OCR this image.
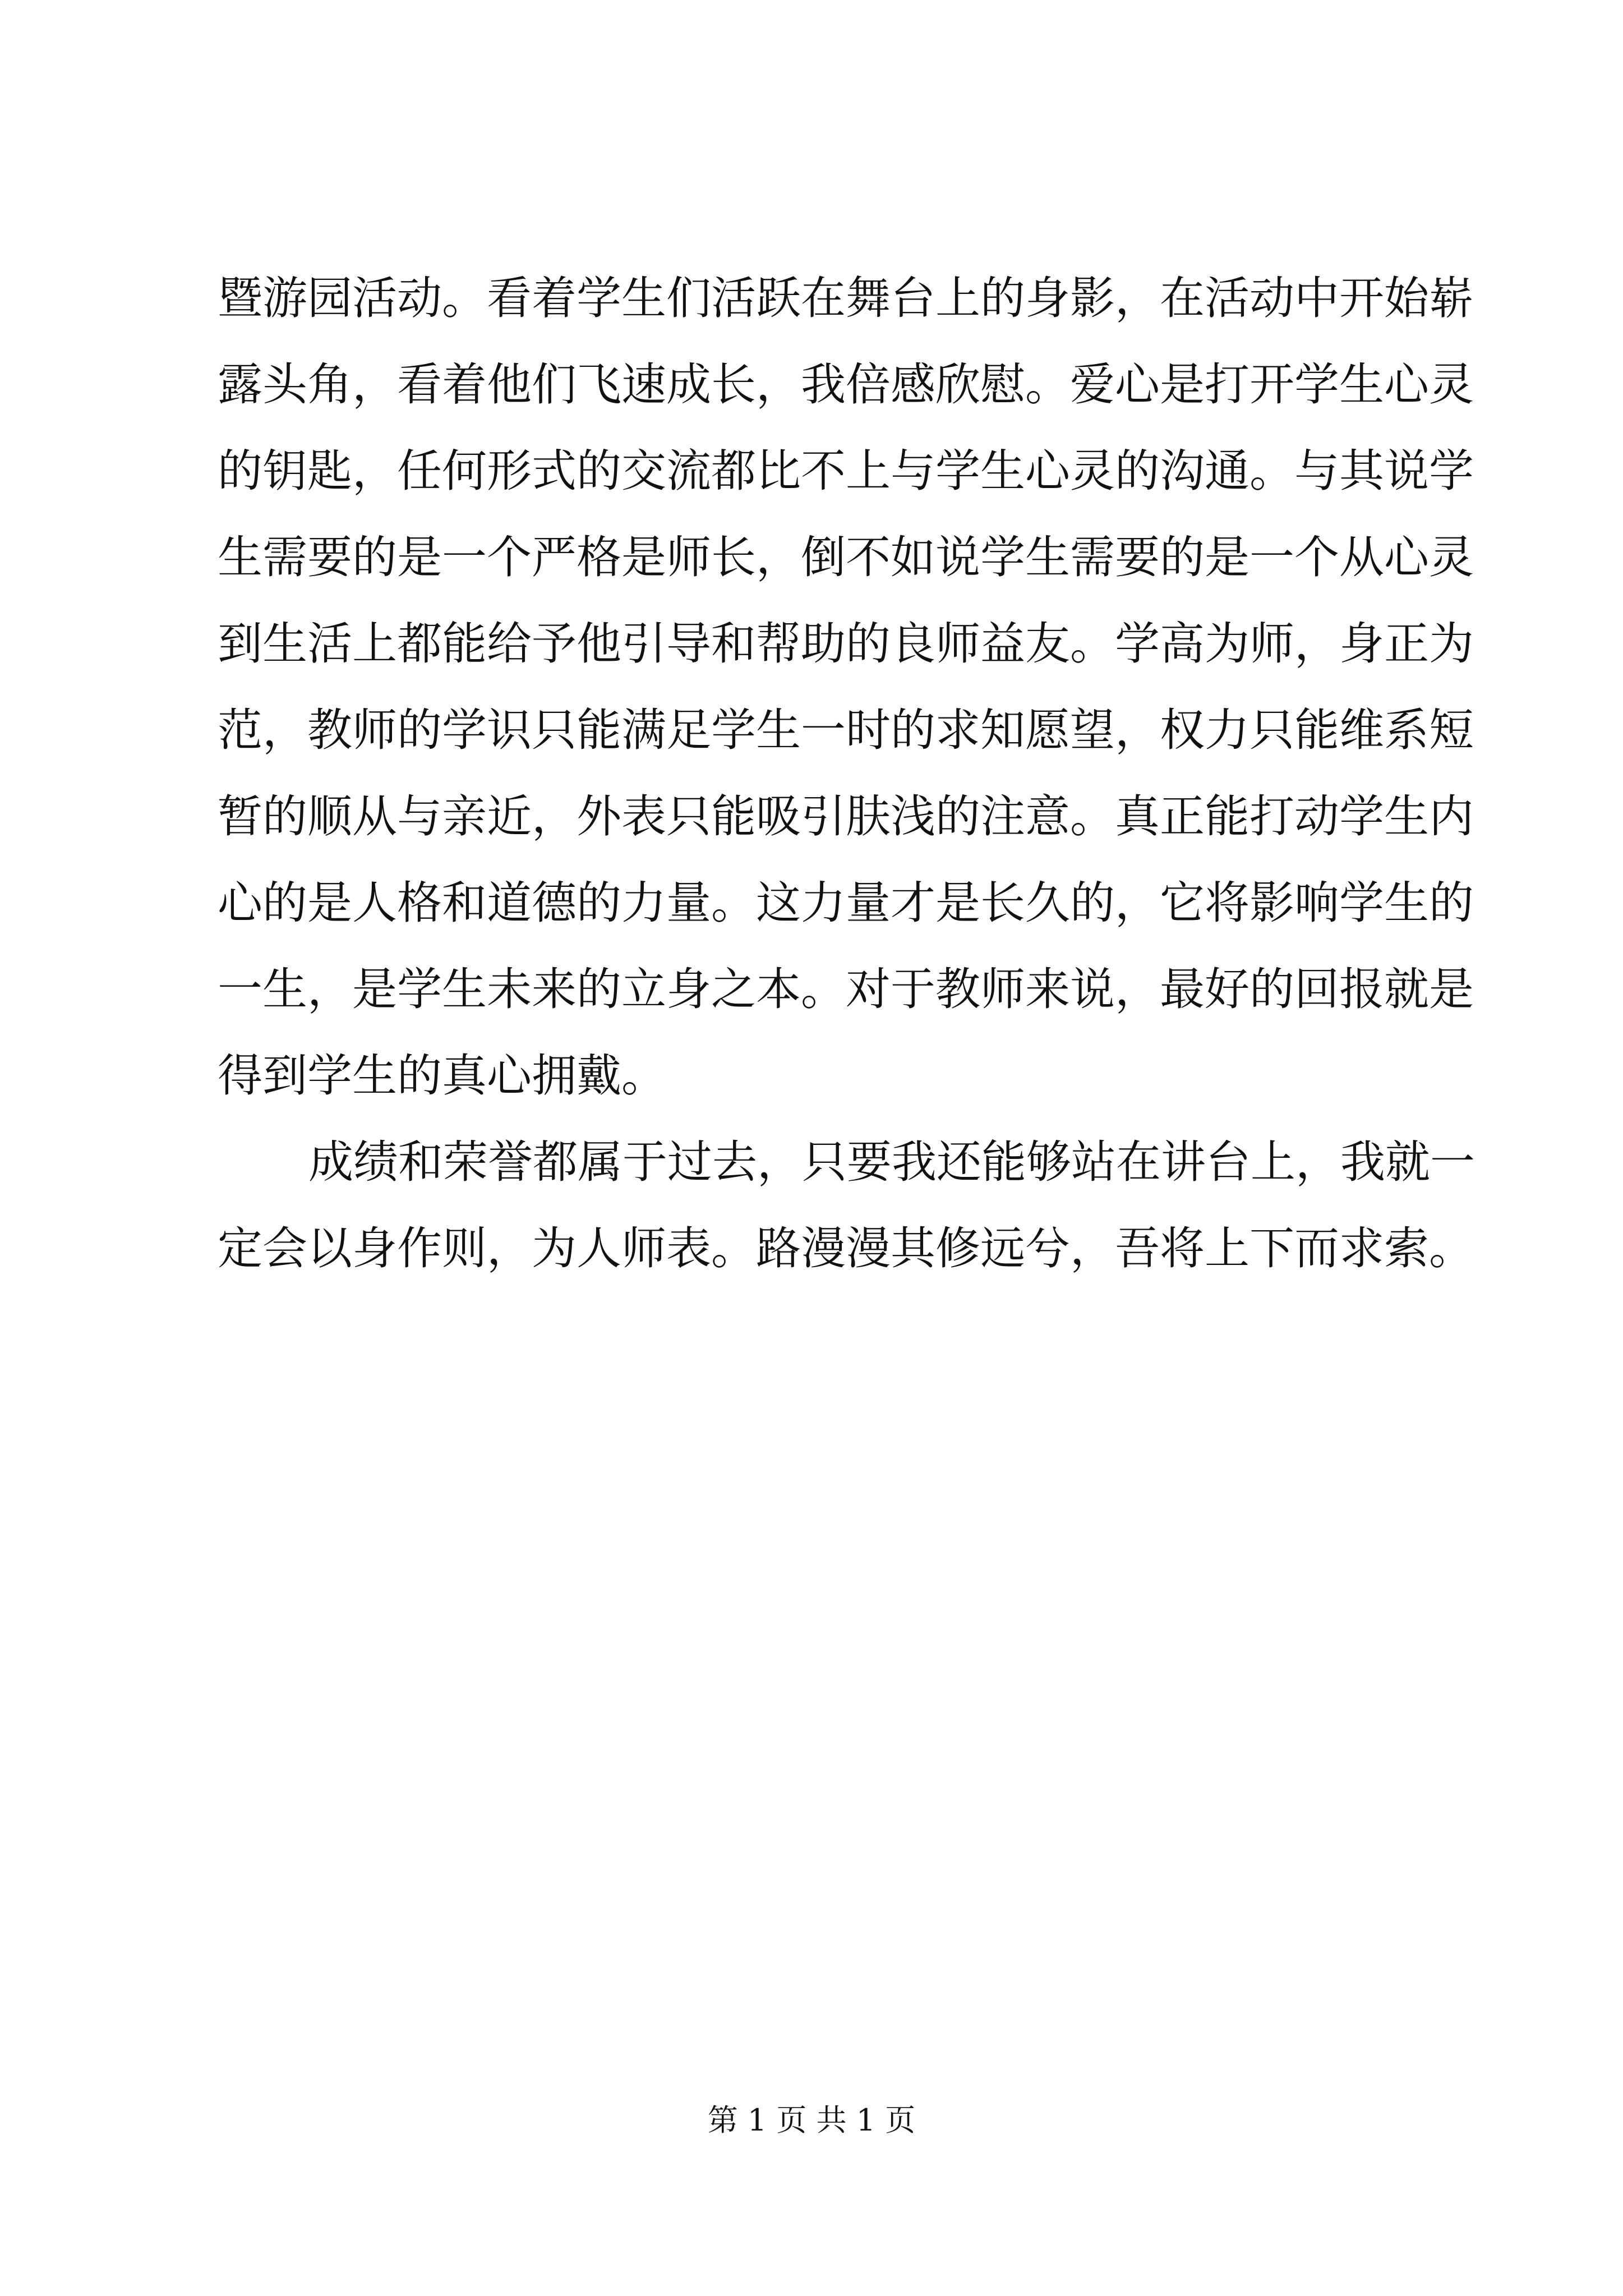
暨游园活动。看着学生们活跃在舞台上的身影，在活动中开始崭
露头角，看着他们飞速成长，我倍感欣慰。爱心是打开学生心灵
的钥匙，任何形式的交流都比不上与学生心灵的沟通。与其说学
生需要的是一个严格是师长，倒不如说学生需要的是一个从心灵
到生活上都能给予他引导和帮助的良师益友。学高为师，身正为
范，教师的学识只能满足学生一时的求知愿望，权力只能维系短
暂的顺从与亲近，外表只能吸引肤浅的注意。真正能打动学生内
心的是人格和道德的力量。这力量才是长久的，它将影响学生的
一生，是学生未来的立身之本。对于教师来说，最好的回报就是
得到学生的真心拥戴。
成绩和荣誉都属于过去，只要我还能够站在讲台上，我就一
定会以身作则，为人师表。路漫漫其修远兮，吾将上下而求索。
第 1 页 共 1 页
